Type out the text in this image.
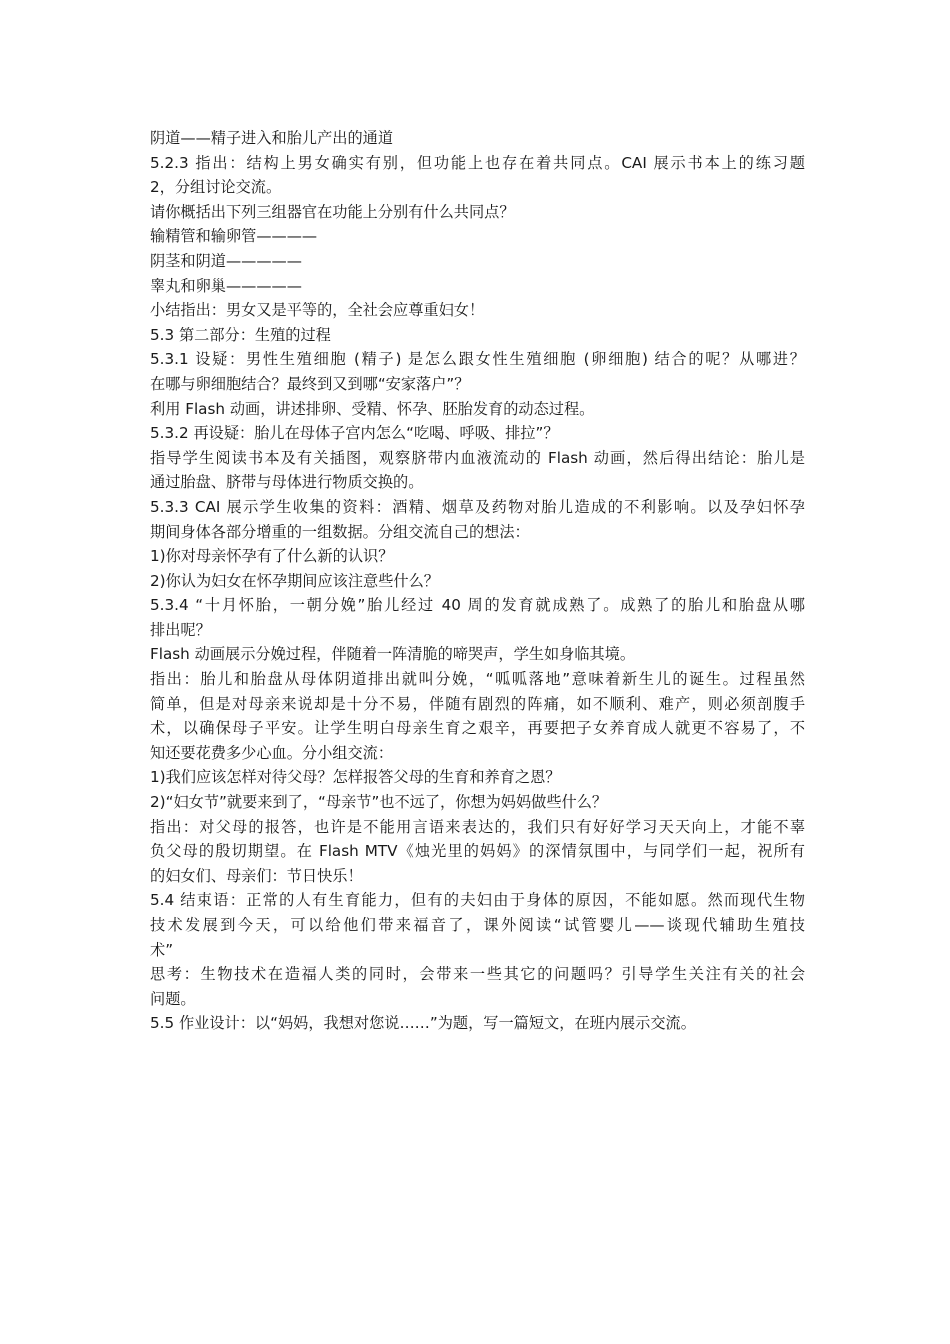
阴道——精子进入和胎儿产出的通道
5.2.3 指出：结构上男女确实有别，但功能上也存在着共同点。CAI 展示书本上的练习题
2，分组讨论交流。
请你概括出下列三组器官在功能上分别有什么共同点？
输精管和输卵管————
阴茎和阴道—————
睾丸和卵巢—————
小结指出：男女又是平等的，全社会应尊重妇女！
5.3 第二部分：生殖的过程
5.3.1 设疑：男性生殖细胞 (精子) 是怎么跟女性生殖细胞 (卵细胞) 结合的呢？从哪进？
在哪与卵细胞结合？最终到又到哪“安家落户”？
利用 Flash 动画，讲述排卵、受精、怀孕、胚胎发育的动态过程。
5.3.2 再设疑：胎儿在母体子宫内怎么“吃喝、呼吸、排拉”？
指导学生阅读书本及有关插图，观察脐带内血液流动的 Flash 动画，然后得出结论：胎儿是
通过胎盘、脐带与母体进行物质交换的。
5.3.3 CAI 展示学生收集的资料：酒精、烟草及药物对胎儿造成的不利影响。以及孕妇怀孕
期间身体各部分增重的一组数据。分组交流自己的想法：
1)你对母亲怀孕有了什么新的认识？
2)你认为妇女在怀孕期间应该注意些什么？
5.3.4 “十月怀胎，一朝分娩”胎儿经过 40 周的发育就成熟了。成熟了的胎儿和胎盘从哪
排出呢？
Flash 动画展示分娩过程，伴随着一阵清脆的啼哭声，学生如身临其境。
指出：胎儿和胎盘从母体阴道排出就叫分娩，“呱呱落地”意味着新生儿的诞生。过程虽然
简单，但是对母亲来说却是十分不易，伴随有剧烈的阵痛，如不顺利、难产，则必须剖腹手
术，以确保母子平安。让学生明白母亲生育之艰辛，再要把子女养育成人就更不容易了，不
知还要花费多少心血。分小组交流：
1)我们应该怎样对待父母？怎样报答父母的生育和养育之恩？
2)“妇女节”就要来到了，“母亲节”也不远了，你想为妈妈做些什么？
指出：对父母的报答，也许是不能用言语来表达的，我们只有好好学习天天向上，才能不辜
负父母的殷切期望。在 Flash MTV《烛光里的妈妈》的深情氛围中，与同学们一起，祝所有
的妇女们、母亲们：节日快乐！
5.4 结束语：正常的人有生育能力，但有的夫妇由于身体的原因，不能如愿。然而现代生物
技术发展到今天，可以给他们带来福音了，课外阅读“试管婴儿——谈现代辅助生殖技
术”
思考：生物技术在造福人类的同时，会带来一些其它的问题吗？引导学生关注有关的社会
问题。
5.5 作业设计：以“妈妈，我想对您说……”为题，写一篇短文，在班内展示交流。
